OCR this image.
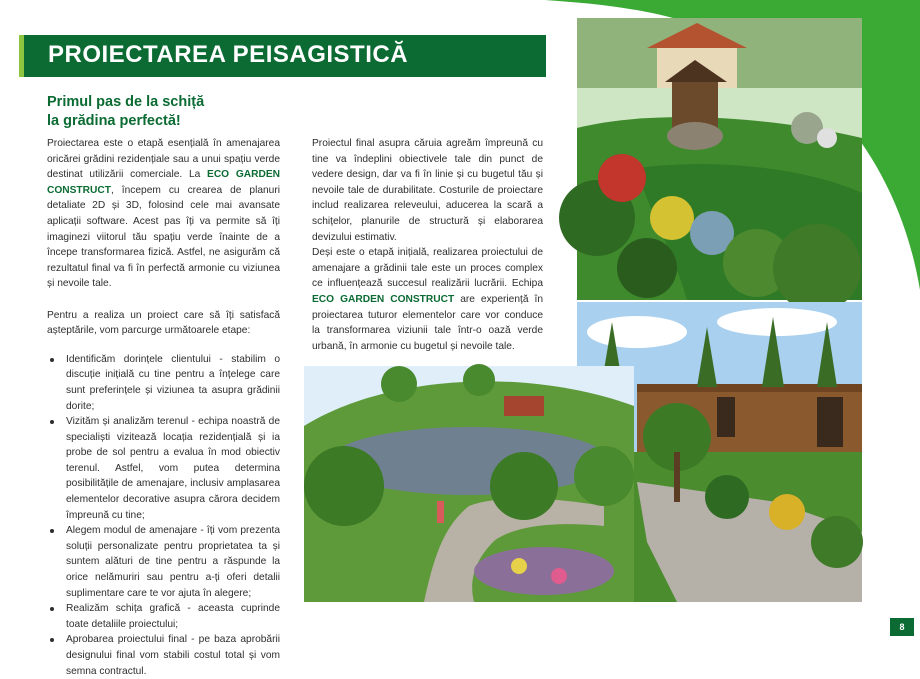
PROIECTAREA PEISAGISTICĂ
Primul pas de la schiță
la grădina perfectă!

Proiectarea este o etapă esențială în amenajarea oricărei grădini rezidențiale sau a unui spațiu verde destinat utilizării comerciale. La ECO GARDEN CONSTRUCT, începem cu crearea de planuri detaliate 2D și 3D, folosind cele mai avansate aplicații software. Acest pas îți va permite să îți imaginezi viitorul tău spațiu verde înainte de a începe transformarea fizică. Astfel, ne asigurăm că rezultatul final va fi în perfectă armonie cu viziunea și nevoile tale.

Pentru a realiza un proiect care să îți satisfacă așteptările, vom parcurge următoarele etape:

Identificăm dorințele clientului - stabilim o discuție inițială cu tine pentru a înțelege care sunt preferințele și viziunea ta asupra grădinii dorite;
Vizităm și analizăm terenul - echipa noastră de specialiști vizitează locația rezidențială și ia probe de sol pentru a evalua în mod obiectiv terenul. Astfel, vom putea determina posibilitățile de amenajare, inclusiv amplasarea elementelor decorative asupra cărora decidem împreună cu tine;
Alegem modul de amenajare - îți vom prezenta soluții personalizate pentru proprietatea ta și suntem alături de tine pentru a răspunde la orice nelămuriri sau pentru a-ți oferi detalii suplimentare care te vor ajuta în alegere;
Realizăm schița grafică - aceasta cuprinde toate detaliile proiectului;
Aprobarea proiectului final - pe baza aprobării designului final vom stabili costul total și vom semna contractul.

Proiectul final asupra căruia agreăm împreună cu tine va îndeplini obiectivele tale din punct de vedere design, dar va fi în linie și cu bugetul tău și nevoile tale de durabilitate. Costurile de proiectare includ realizarea releveului, aducerea la scară a schițelor, planurile de structură și elaborarea devizului estimativ.

Deși este o etapă inițială, realizarea proiectului de amenajare a grădinii tale este un proces complex ce influențează succesul realizării lucrării. Echipa ECO GARDEN CONSTRUCT are experiență în proiectarea tuturor elementelor care vor conduce la transformarea viziunii tale într-o oază verde urbană, în armonie cu bugetul și nevoile tale.

8
